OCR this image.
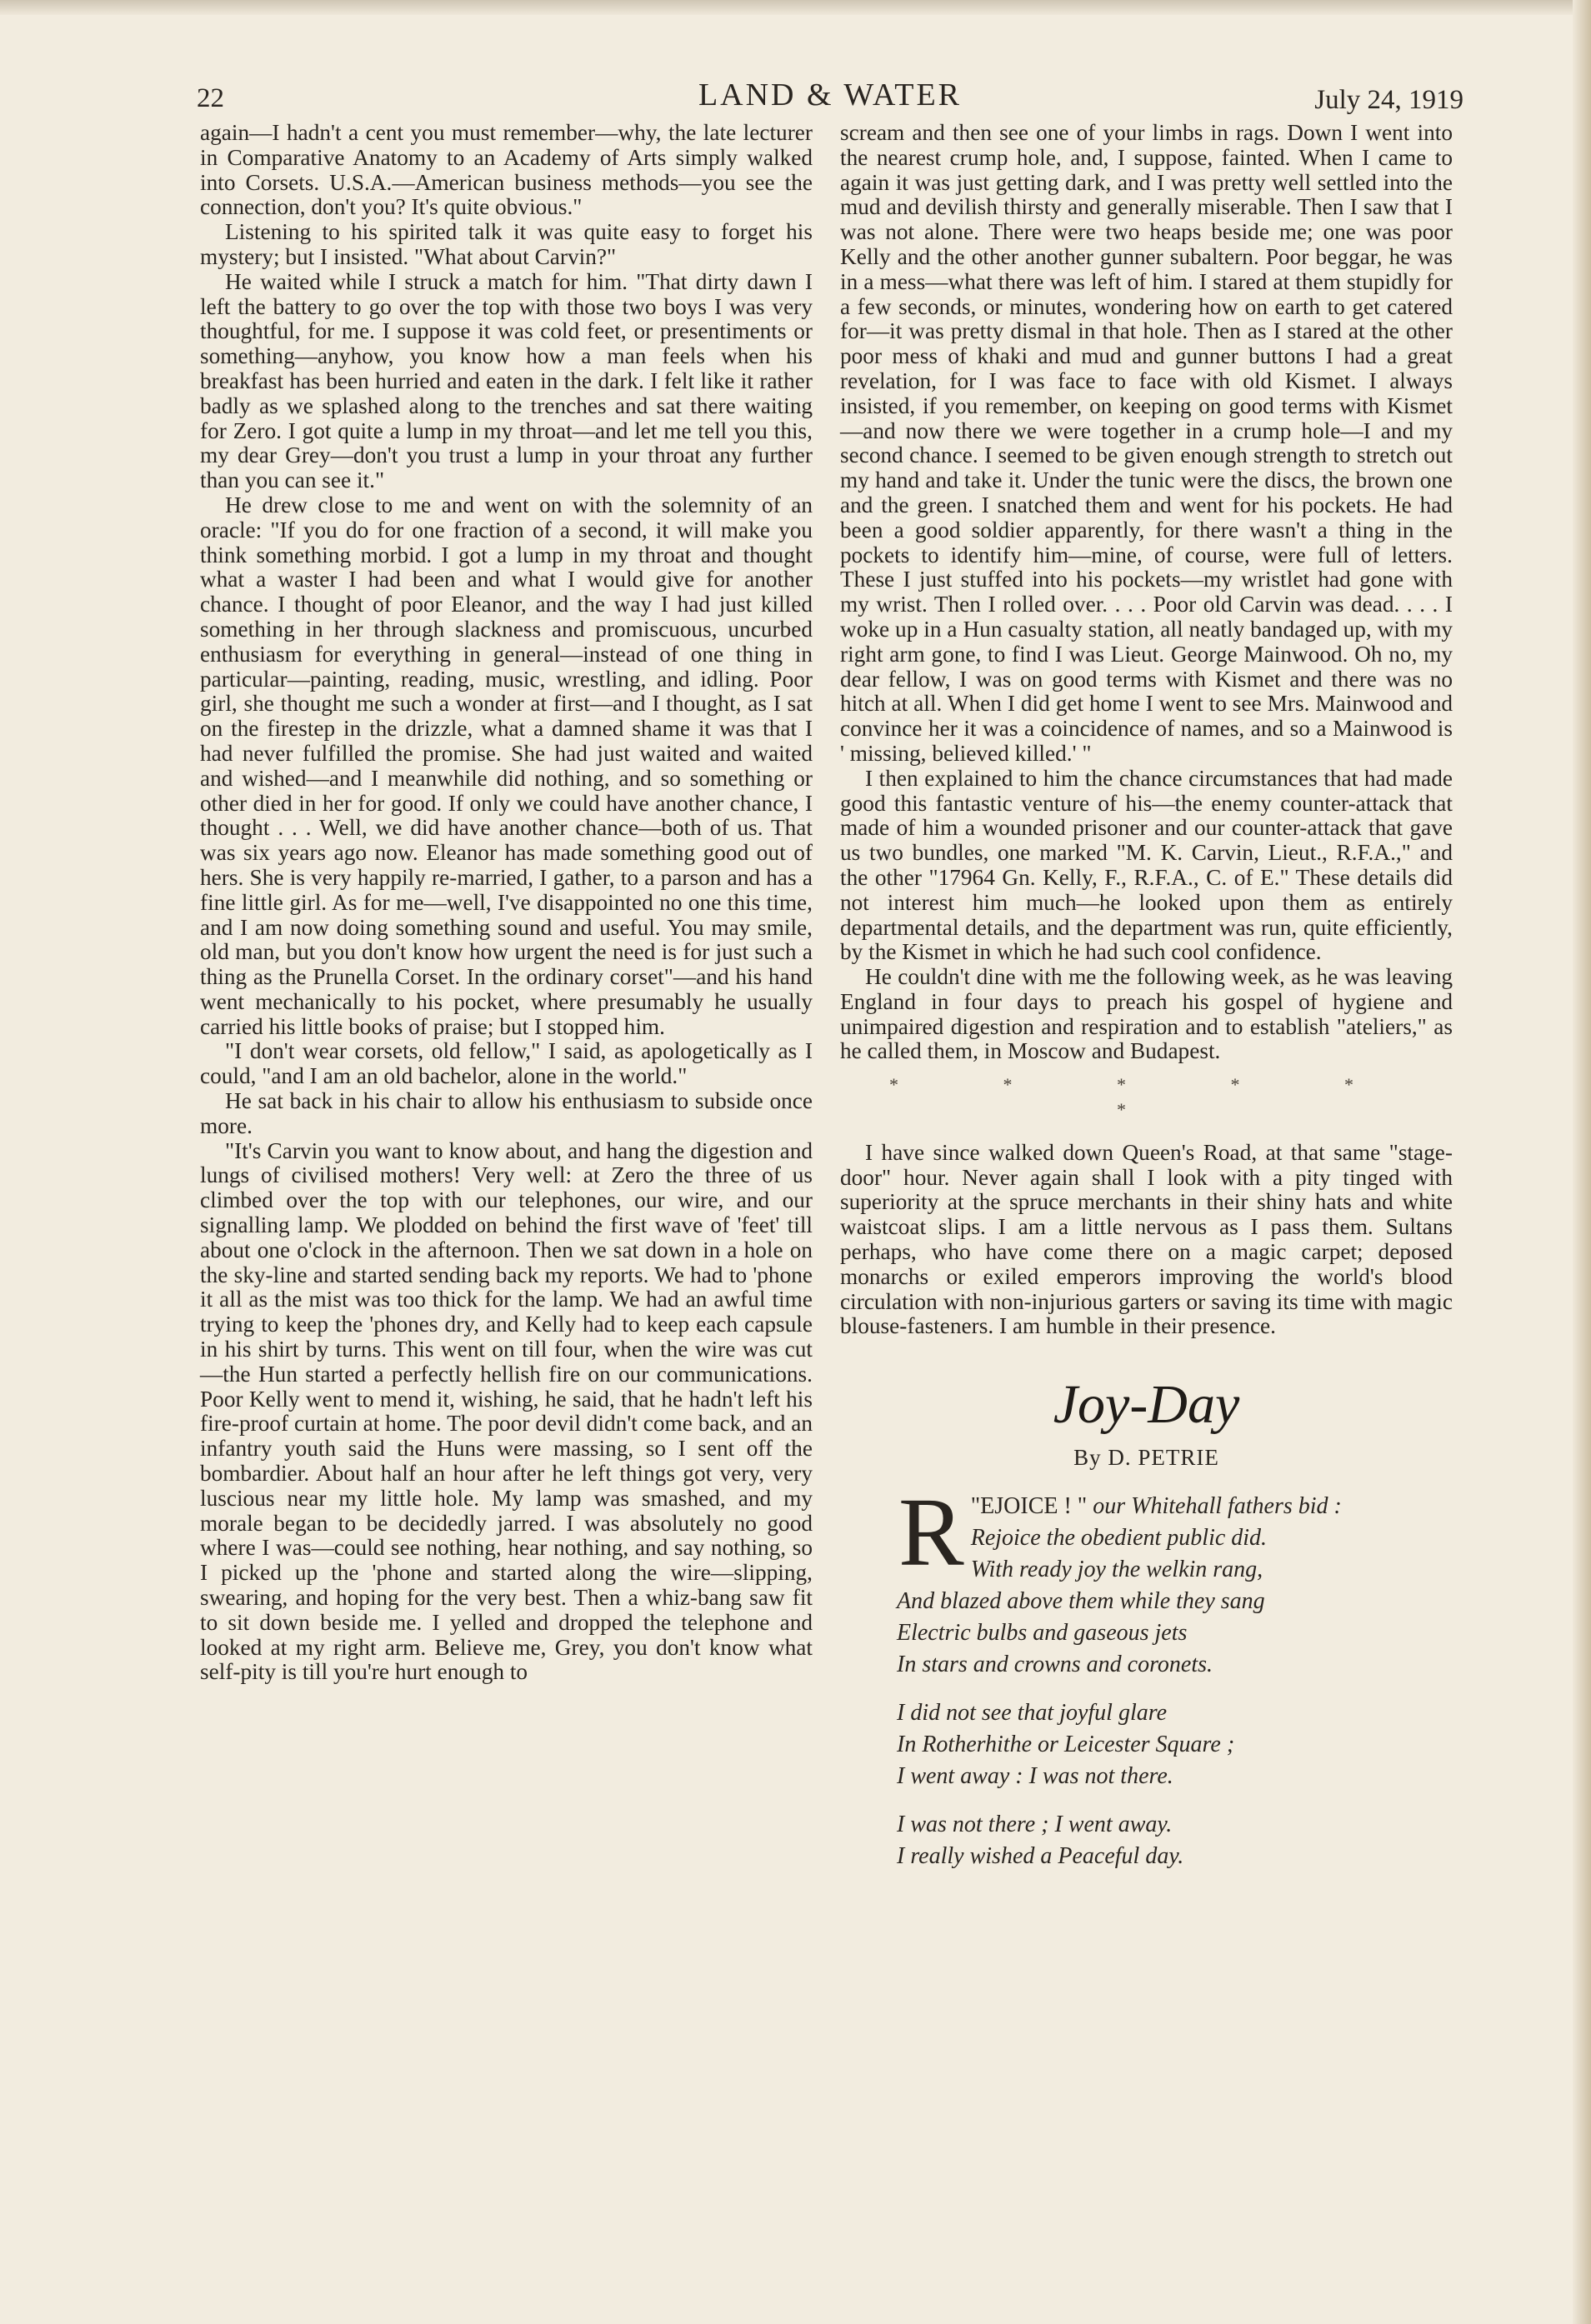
22	LAND & WATER	July 24, 1919

again—I hadn't a cent you must remember—why, the late lecturer in Comparative Anatomy to an Academy of Arts simply walked into Corsets. U.S.A.—American business methods—you see the connection, don't you? It's quite obvious."

Listening to his spirited talk it was quite easy to forget his mystery; but I insisted. "What about Carvin?"

He waited while I struck a match for him. "That dirty dawn I left the battery to go over the top with those two boys I was very thoughtful, for me. I suppose it was cold feet, or presentiments or something—anyhow, you know how a man feels when his breakfast has been hurried and eaten in the dark. I felt like it rather badly as we splashed along to the trenches and sat there waiting for Zero. I got quite a lump in my throat—and let me tell you this, my dear Grey—don't you trust a lump in your throat any further than you can see it."

He drew close to me and went on with the solemnity of an oracle: "If you do for one fraction of a second, it will make you think something morbid. I got a lump in my throat and thought what a waster I had been and what I would give for another chance. I thought of poor Eleanor, and the way I had just killed something in her through slackness and promiscuous, uncurbed enthusiasm for everything in general—instead of one thing in particular—painting, reading, music, wrestling, and idling. Poor girl, she thought me such a wonder at first—and I thought, as I sat on the firestep in the drizzle, what a damned shame it was that I had never fulfilled the promise. She had just waited and waited and wished—and I meanwhile did nothing, and so something or other died in her for good. If only we could have another chance, I thought . . . Well, we did have another chance—both of us. That was six years ago now. Eleanor has made something good out of hers. She is very happily re-married, I gather, to a parson and has a fine little girl. As for me—well, I've disappointed no one this time, and I am now doing something sound and useful. You may smile, old man, but you don't know how urgent the need is for just such a thing as the Prunella Corset. In the ordinary corset"—and his hand went mechanically to his pocket, where presumably he usually carried his little books of praise; but I stopped him.

"I don't wear corsets, old fellow," I said, as apologetically as I could, "and I am an old bachelor, alone in the world."

He sat back in his chair to allow his enthusiasm to subside once more.

"It's Carvin you want to know about, and hang the digestion and lungs of civilised mothers! Very well: at Zero the three of us climbed over the top with our telephones, our wire, and our signalling lamp. We plodded on behind the first wave of 'feet' till about one o'clock in the afternoon. Then we sat down in a hole on the sky-line and started sending back my reports. We had to 'phone it all as the mist was too thick for the lamp. We had an awful time trying to keep the 'phones dry, and Kelly had to keep each capsule in his shirt by turns. This went on till four, when the wire was cut—the Hun started a perfectly hellish fire on our communications. Poor Kelly went to mend it, wishing, he said, that he hadn't left his fire-proof curtain at home. The poor devil didn't come back, and an infantry youth said the Huns were massing, so I sent off the bombardier. About half an hour after he left things got very, very luscious near my little hole. My lamp was smashed, and my morale began to be decidedly jarred. I was absolutely no good where I was—could see nothing, hear nothing, and say nothing, so I picked up the 'phone and started along the wire—slipping, swearing, and hoping for the very best. Then a whiz-bang saw fit to sit down beside me. I yelled and dropped the telephone and looked at my right arm. Believe me, Grey, you don't know what self-pity is till you're hurt enough to

scream and then see one of your limbs in rags. Down I went into the nearest crump hole, and, I suppose, fainted. When I came to again it was just getting dark, and I was pretty well settled into the mud and devilish thirsty and generally miserable. Then I saw that I was not alone. There were two heaps beside me; one was poor Kelly and the other another gunner subaltern. Poor beggar, he was in a mess—what there was left of him. I stared at them stupidly for a few seconds, or minutes, wondering how on earth to get catered for—it was pretty dismal in that hole. Then as I stared at the other poor mess of khaki and mud and gunner buttons I had a great revelation, for I was face to face with old Kismet. I always insisted, if you remember, on keeping on good terms with Kismet—and now there we were together in a crump hole—I and my second chance. I seemed to be given enough strength to stretch out my hand and take it. Under the tunic were the discs, the brown one and the green. I snatched them and went for his pockets. He had been a good soldier apparently, for there wasn't a thing in the pockets to identify him—mine, of course, were full of letters. These I just stuffed into his pockets—my wristlet had gone with my wrist. Then I rolled over. . . . Poor old Carvin was dead. . . . I woke up in a Hun casualty station, all neatly bandaged up, with my right arm gone, to find I was Lieut. George Mainwood. Oh no, my dear fellow, I was on good terms with Kismet and there was no hitch at all. When I did get home I went to see Mrs. Mainwood and convince her it was a coincidence of names, and so a Mainwood is ' missing, believed killed.' "

I then explained to him the chance circumstances that had made good this fantastic venture of his—the enemy counter-attack that made of him a wounded prisoner and our counter-attack that gave us two bundles, one marked "M. K. Carvin, Lieut., R.F.A.," and the other "17964 Gn. Kelly, F., R.F.A., C. of E." These details did not interest him much—he looked upon them as entirely departmental details, and the department was run, quite efficiently, by the Kismet in which he had such cool confidence.

He couldn't dine with me the following week, as he was leaving England in four days to preach his gospel of hygiene and unimpaired digestion and respiration and to establish "ateliers," as he called them, in Moscow and Budapest.

* * * * * *

I have since walked down Queen's Road, at that same "stage-door" hour. Never again shall I look with a pity tinged with superiority at the spruce merchants in their shiny hats and white waistcoat slips. I am a little nervous as I pass them. Sultans perhaps, who have come there on a magic carpet; deposed monarchs or exiled emperors improving the world's blood circulation with non-injurious garters or saving its time with magic blouse-fasteners. I am humble in their presence.

Joy-Day
By D. PETRIE
"
R EJOICE ! " our Whitehall fathers bid :
Rejoice the obedient public did.
With ready joy the welkin rang,
And blazed above them while they sang
Electric bulbs and gaseous jets
In stars and crowns and coronets.
I did not see that joyful glare
In Rotherhithe or Leicester Square ;
I went away : I was not there.
I was not there ; I went away.
I really wished a Peaceful day.
